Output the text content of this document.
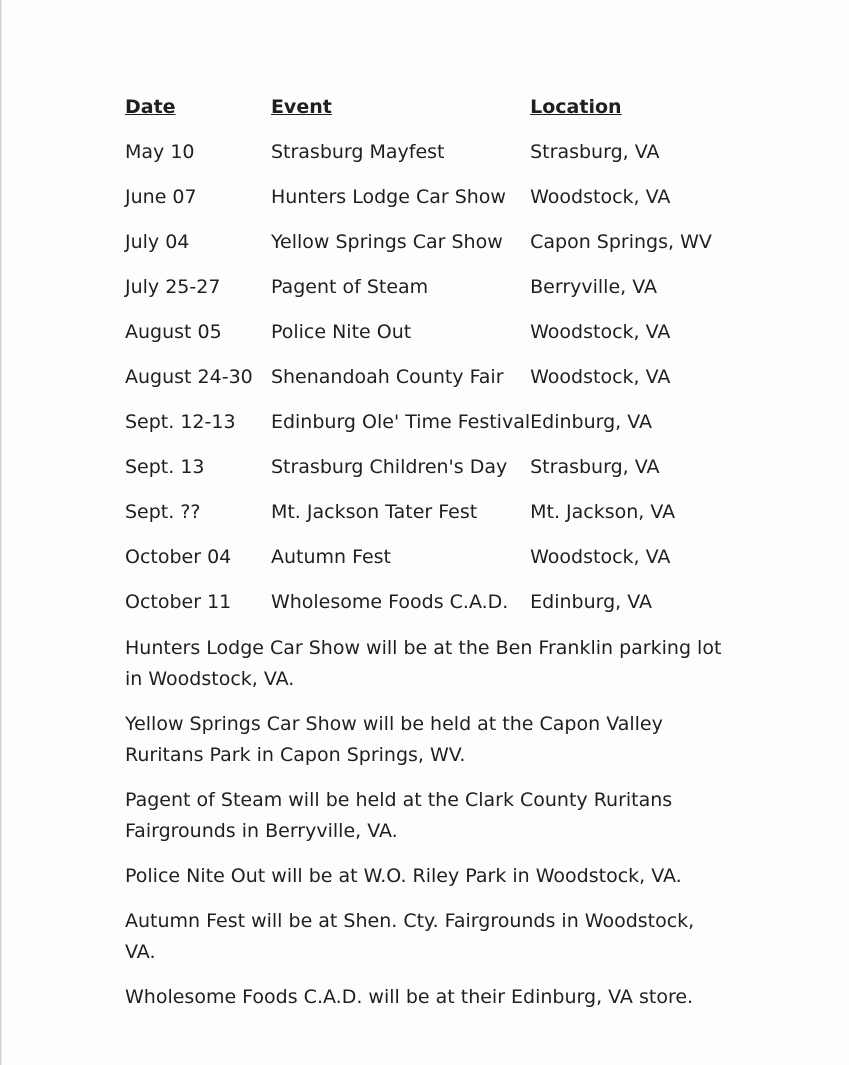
Date	Event	Location
May 10	Strasburg Mayfest	Strasburg, VA
June 07	Hunters Lodge Car Show	Woodstock, VA
July 04	Yellow Springs Car Show	Capon Springs, WV
July 25-27	Pagent of Steam	Berryville, VA
August 05	Police Nite Out	Woodstock, VA
August 24-30	Shenandoah County Fair	Woodstock, VA
Sept. 12-13	Edinburg Ole' Time Festival	Edinburg, VA
Sept. 13	Strasburg Children's Day	Strasburg, VA
Sept. ??	Mt. Jackson Tater Fest	Mt. Jackson, VA
October 04	Autumn Fest	Woodstock, VA
October 11	Wholesome Foods C.A.D.	Edinburg, VA

Hunters Lodge Car Show will be at the Ben Franklin parking lot in Woodstock, VA.

Yellow Springs Car Show will be held at the Capon Valley Ruritans Park in Capon Springs, WV.

Pagent of Steam will be held at the Clark County Ruritans Fairgrounds in Berryville, VA.

Police Nite Out will be at W.O. Riley Park in Woodstock, VA.

Autumn Fest will be at Shen. Cty. Fairgrounds in Woodstock, VA.

Wholesome Foods C.A.D. will be at their Edinburg, VA store.
